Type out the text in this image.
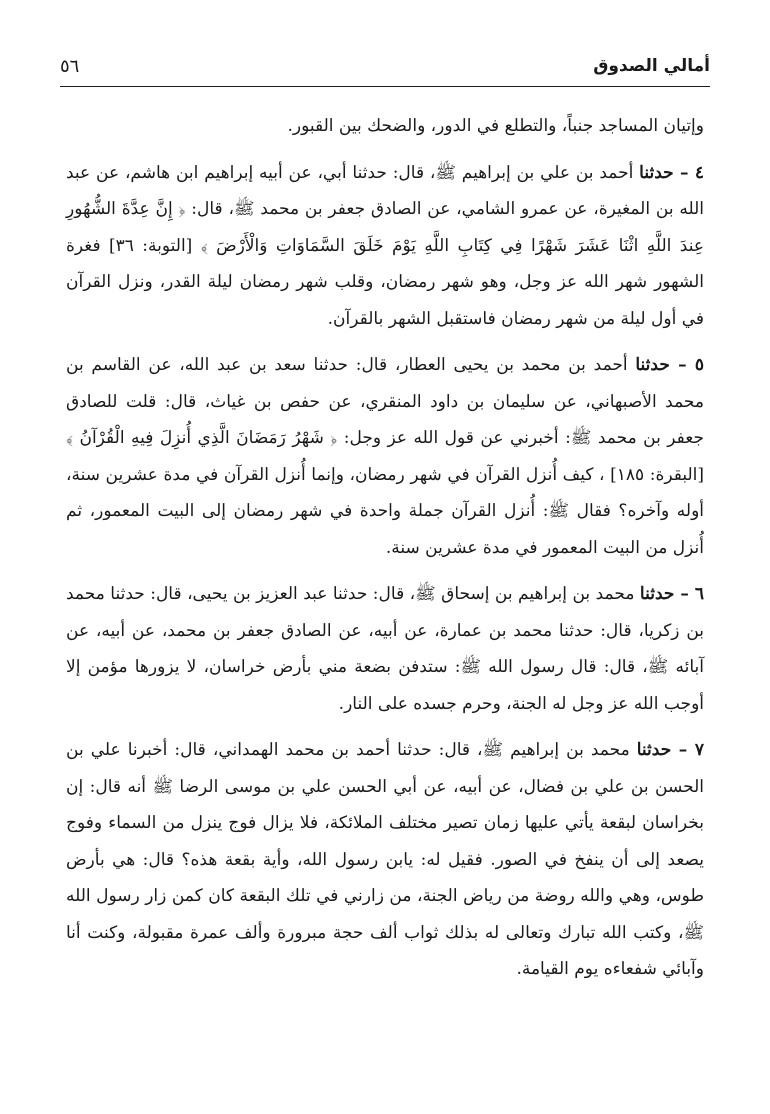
أمالي الصدوق
٥٦

وإتيان المساجد جنباً، والتطلع في الدور، والضحك بين القبور.

٤ – حدثنا أحمد بن علي بن إبراهيم ﷺ، قال: حدثنا أبي، عن أبيه إبراهيم ابن هاشم، عن عبد الله بن المغيرة، عن عمرو الشامي، عن الصادق جعفر بن محمد ﷺ، قال: ﴿ إِنَّ عِدَّةَ الشُّهُورِ عِندَ اللَّهِ اثْنَا عَشَرَ شَهْرًا فِي كِتَابِ اللَّهِ يَوْمَ خَلَقَ السَّمَاوَاتِ وَالْأَرْضَ ﴾ [التوبة: ٣٦] فغرة الشهور شهر الله عز وجل، وهو شهر رمضان، وقلب شهر رمضان ليلة القدر، ونزل القرآن في أول ليلة من شهر رمضان فاستقبل الشهر بالقرآن.

٥ – حدثنا أحمد بن محمد بن يحيى العطار، قال: حدثنا سعد بن عبد الله، عن القاسم بن محمد الأصبهاني، عن سليمان بن داود المنقري، عن حفص بن غياث، قال: قلت للصادق جعفر بن محمد ﷺ: أخبرني عن قول الله عز وجل: ﴿ شَهْرُ رَمَضَانَ الَّذِي أُنزِلَ فِيهِ الْقُرْآنُ ﴾ [البقرة: ١٨٥] ، كيف أُنزل القرآن في شهر رمضان، وإنما أُنزل القرآن في مدة عشرين سنة، أوله وآخره؟ فقال ﷺ: أُنزل القرآن جملة واحدة في شهر رمضان إلى البيت المعمور، ثم أُنزل من البيت المعمور في مدة عشرين سنة.

٦ – حدثنا محمد بن إبراهيم بن إسحاق ﷺ، قال: حدثنا عبد العزيز بن يحيى، قال: حدثنا محمد بن زكريا، قال: حدثنا محمد بن عمارة، عن أبيه، عن الصادق جعفر بن محمد، عن أبيه، عن آبائه ﷺ، قال: قال رسول الله ﷺ: ستدفن بضعة مني بأرض خراسان، لا يزورها مؤمن إلا أوجب الله عز وجل له الجنة، وحرم جسده على النار.

٧ – حدثنا محمد بن إبراهيم ﷺ، قال: حدثنا أحمد بن محمد الهمداني، قال: أخبرنا علي بن الحسن بن علي بن فضال، عن أبيه، عن أبي الحسن علي بن موسى الرضا ﷺ أنه قال: إن بخراسان لبقعة يأتي عليها زمان تصير مختلف الملائكة، فلا يزال فوج ينزل من السماء وفوج يصعد إلى أن ينفخ في الصور. فقيل له: يابن رسول الله، وأية بقعة هذه؟ قال: هي بأرض طوس، وهي والله روضة من رياض الجنة، من زارني في تلك البقعة كان كمن زار رسول الله ﷺ، وكتب الله تبارك وتعالى له بذلك ثواب ألف حجة مبرورة وألف عمرة مقبولة، وكنت أنا وآبائي شفعاءه يوم القيامة.
